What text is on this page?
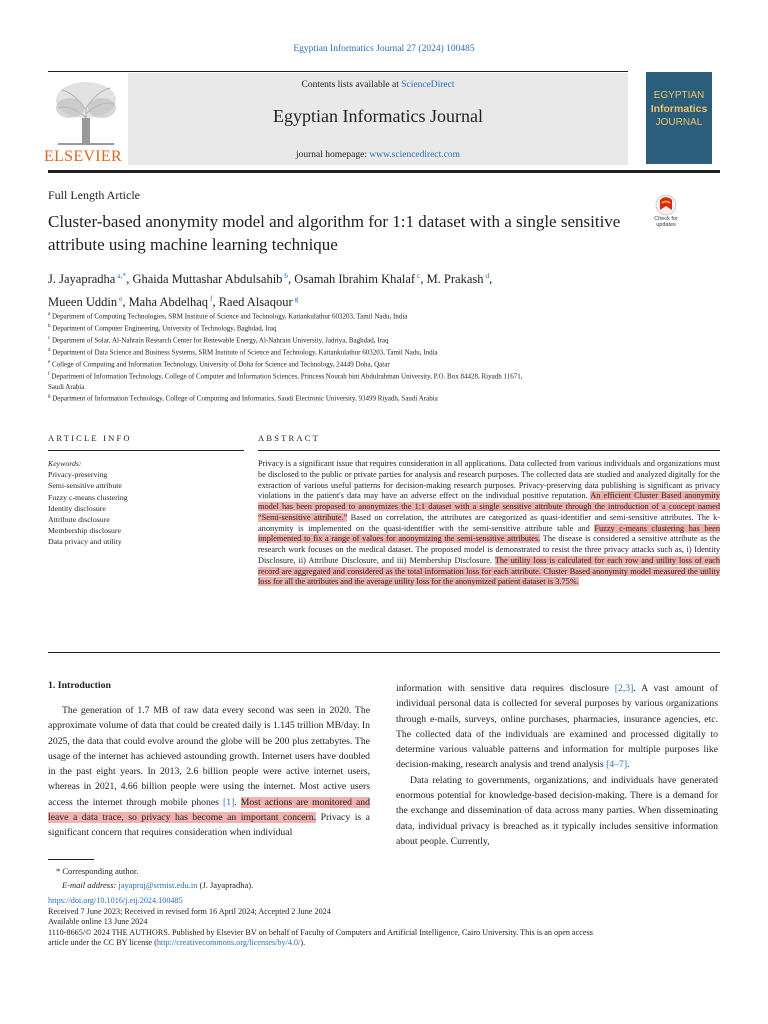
Egyptian Informatics Journal 27 (2024) 100485
ELSEVIER
Contents lists available at ScienceDirect
Egyptian Informatics Journal
journal homepage: www.sciencedirect.com
EGYPTIAN
Informatics
JOURNAL
Full Length Article
Cluster-based anonymity model and algorithm for 1:1 dataset with a single sensitive attribute using machine learning technique
Check for updates
J. Jayapradha $^{a,*}$, Ghaida Muttashar Abdulsahib $^b$, Osamah Ibrahim Khalaf $^c$, M. Prakash $^d$,
Mueen Uddin $^e$, Maha Abdelhaq $^f$, Raed Alsaqour $^g$
$^a$ Department of Computing Technologies, SRM Institute of Science and Technology, Kattankulathur 603203, Tamil Nadu, India
$^b$ Department of Computer Engineering, University of Technology, Baghdad, Iraq
$^c$ Department of Solar, Al-Nahrain Research Center for Renewable Energy, Al-Nahrain University, Jadriya, Baghdad, Iraq
$^d$ Department of Data Science and Business Systems, SRM Institute of Science and Technology, Kattankulathur 603203, Tamil Nadu, India
$^e$ College of Computing and Information Technology, University of Doha for Science and Technology, 24449 Doha, Qatar
$^f$ Department of Information Technology, College of Computer and Information Sciences, Princess Nourah bint Abdulrahman University, P.O. Box 84428, Riyadh 11671,
Saudi Arabia
$^g$ Department of Information Technology, College of Computing and Informatics, Saudi Electronic University, 93499 Riyadh, Saudi Arabia
ARTICLE INFO	ABSTRACT
Keywords:
Privacy-preserving
Semi-sensitive attribute
Fuzzy c-means clustering
Identity disclosure
Attribute disclosure
Membership disclosure
Data privacy and utility
Privacy is a significant issue that requires consideration in all applications. Data collected from various individuals and organizations must be disclosed to the public or private parties for analysis and research purposes. The collected data are studied and analyzed digitally for the extraction of various useful patterns for decision-making research purposes. Privacy-preserving data publishing is significant as privacy violations in the patient's data may have an adverse effect on the individual positive reputation. An efficient Cluster Based anonymity model has been proposed to anonymizes the 1:1 dataset with a single sensitive attribute through the introduction of a concept named “Semi-sensitive attribute.” Based on correlation, the attributes are categorized as quasi-identifier and semi-sensitive attributes. The k-anonymity is implemented on the quasi-identifier with the semi-sensitive attribute table and Fuzzy c-means clustering has been implemented to fix a range of values for anonymizing the semi-sensitive attributes. The disease is considered a sensitive attribute as the research work focuses on the medical dataset. The proposed model is demonstrated to resist the three privacy attacks such as, i) Identity Disclosure, ii) Attribute Disclosure, and iii) Membership Disclosure. The utility loss is calculated for each row and utility loss of each record are aggregated and considered as the total information loss for each attribute. Cluster Based anonymity model measured the utility loss for all the attributes and the average utility loss for the anonymized patient dataset is 3.75%.
1. Introduction
The generation of 1.7 MB of raw data every second was seen in 2020. The approximate volume of data that could be created daily is 1.145 trillion MB/day. In 2025, the data that could evolve around the globe will be 200 plus zettabytes. The usage of the internet has achieved astounding growth. Internet users have doubled in the past eight years. In 2013, 2.6 billion people were active internet users, whereas in 2021, 4.66 billion people were using the internet. Most active users access the internet through mobile phones [1]. Most actions are monitored and leave a data trace, so privacy has become an important concern. Privacy is a significant concern that requires consideration when individual
information with sensitive data requires disclosure [2,3]. A vast amount of individual personal data is collected for several purposes by various organizations through e-mails, surveys, online purchases, pharmacies, insurance agencies, etc. The collected data of the individuals are examined and processed digitally to determine various valuable patterns and information for multiple purposes like decision-making, research analysis and trend analysis [4–7].
Data relating to governments, organizations, and individuals have generated enormous potential for knowledge-based decision-making. There is a demand for the exchange and dissemination of data across many parties. When disseminating data, individual privacy is breached as it typically includes sensitive information about people. Currently,
* Corresponding author.
E-mail address: jayapraj@srmist.edu.in (J. Jayapradha).
https://doi.org/10.1016/j.eij.2024.100485
Received 7 June 2023; Received in revised form 16 April 2024; Accepted 2 June 2024
Available online 13 June 2024
1110-8665/© 2024 THE AUTHORS. Published by Elsevier BV on behalf of Faculty of Computers and Artificial Intelligence, Cairo University. This is an open access
article under the CC BY license (http://creativecommons.org/licenses/by/4.0/).
